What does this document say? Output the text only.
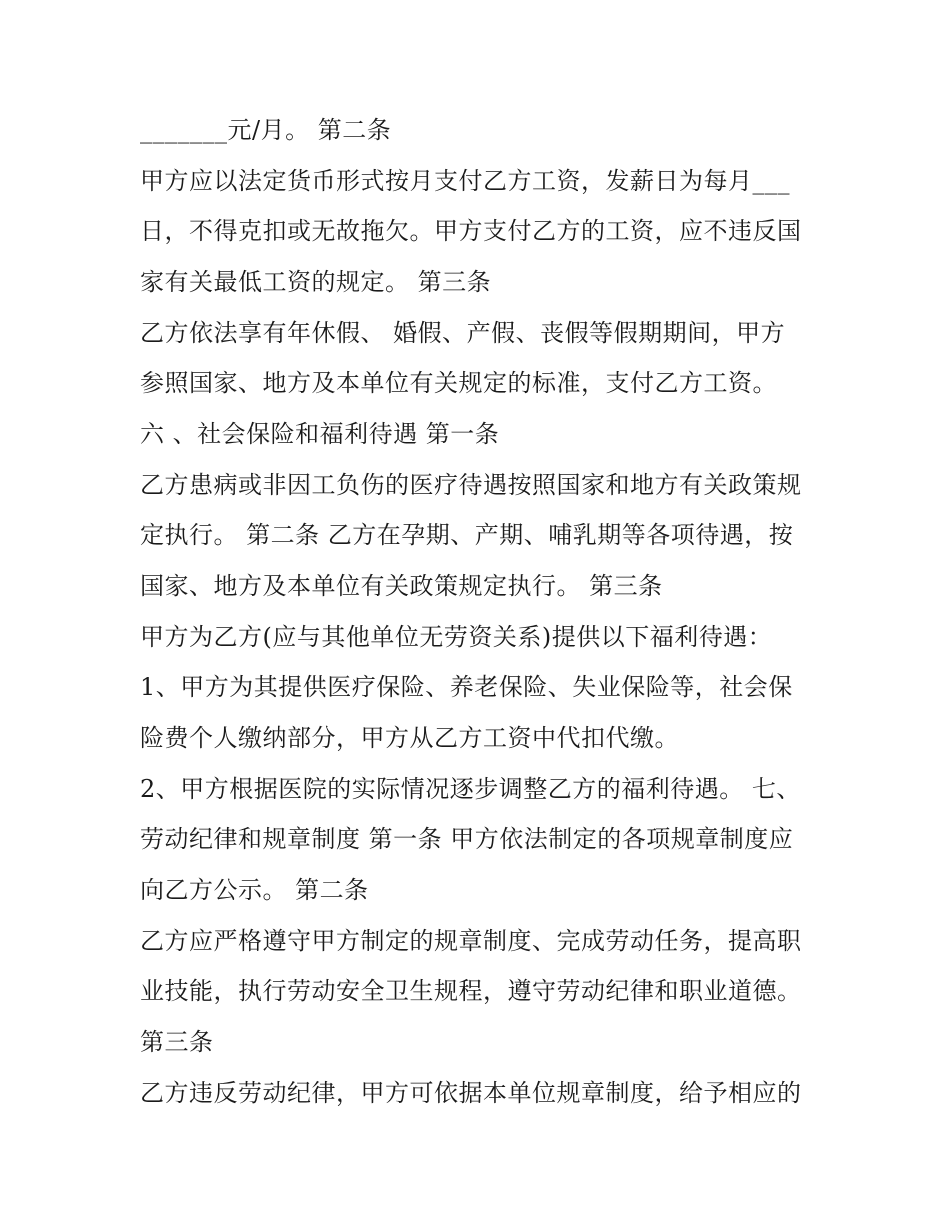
_______元/月。 第二条
甲方应以法定货币形式按月支付乙方工资，发薪日为每月___
日，不得克扣或无故拖欠。甲方支付乙方的工资，应不违反国
家有关最低工资的规定。 第三条
乙方依法享有年休假、 婚假、产假、丧假等假期期间，甲方
参照国家、地方及本单位有关规定的标准，支付乙方工资。
六 、社会保险和福利待遇 第一条
乙方患病或非因工负伤的医疗待遇按照国家和地方有关政策规
定执行。 第二条 乙方在孕期、产期、哺乳期等各项待遇，按
国家、地方及本单位有关政策规定执行。 第三条
甲方为乙方(应与其他单位无劳资关系)提供以下福利待遇：
1、甲方为其提供医疗保险、养老保险、失业保险等，社会保
险费个人缴纳部分，甲方从乙方工资中代扣代缴。
2、甲方根据医院的实际情况逐步调整乙方的福利待遇。 七、
劳动纪律和规章制度 第一条 甲方依法制定的各项规章制度应
向乙方公示。 第二条
乙方应严格遵守甲方制定的规章制度、完成劳动任务，提高职
业技能，执行劳动安全卫生规程，遵守劳动纪律和职业道德。
第三条
乙方违反劳动纪律，甲方可依据本单位规章制度，给予相应的
